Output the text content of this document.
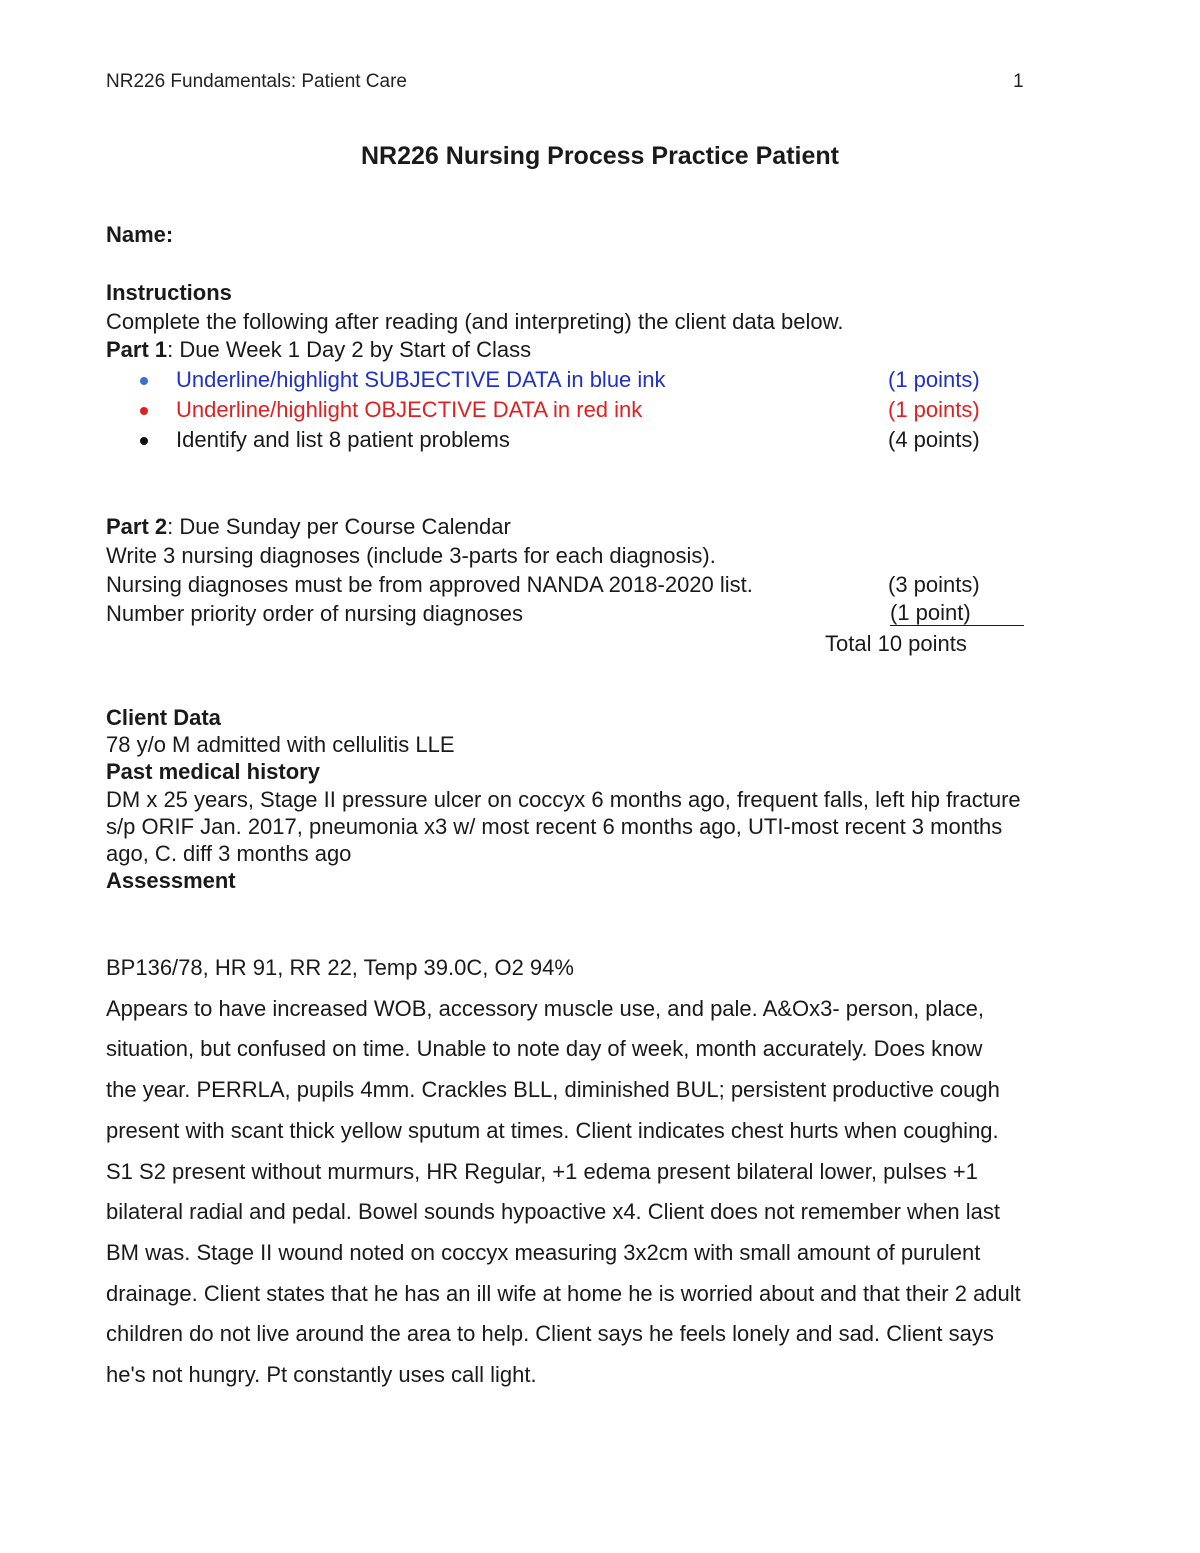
NR226 Fundamentals: Patient Care	1
NR226 Nursing Process Practice Patient
Name:
Instructions
Complete the following after reading (and interpreting) the client data below.
Part 1: Due Week 1 Day 2 by Start of Class
Underline/highlight SUBJECTIVE DATA in blue ink	(1 points)
Underline/highlight OBJECTIVE DATA in red ink	(1 points)
Identify and list 8 patient problems	(4 points)
Part 2: Due Sunday per Course Calendar
Write 3 nursing diagnoses (include 3-parts for each diagnosis).
Nursing diagnoses must be from approved NANDA 2018-2020 list.	(3 points)
Number priority order of nursing diagnoses	(1 point)
Total 10 points
Client Data
78 y/o M admitted with cellulitis LLE
Past medical history
DM x 25 years, Stage II pressure ulcer on coccyx 6 months ago, frequent falls, left hip fracture
s/p ORIF Jan. 2017, pneumonia x3 w/ most recent 6 months ago, UTI-most recent 3 months
ago, C. diff 3 months ago
Assessment
BP136/78, HR 91, RR 22, Temp 39.0C, O2 94%
Appears to have increased WOB, accessory muscle use, and pale. A&Ox3- person, place,
situation, but confused on time. Unable to note day of week, month accurately. Does know
the year. PERRLA, pupils 4mm. Crackles BLL, diminished BUL; persistent productive cough
present with scant thick yellow sputum at times. Client indicates chest hurts when coughing.
S1 S2 present without murmurs, HR Regular, +1 edema present bilateral lower, pulses +1
bilateral radial and pedal. Bowel sounds hypoactive x4. Client does not remember when last
BM was. Stage II wound noted on coccyx measuring 3x2cm with small amount of purulent
drainage. Client states that he has an ill wife at home he is worried about and that their 2 adult
children do not live around the area to help. Client says he feels lonely and sad. Client says
he's not hungry. Pt constantly uses call light.
